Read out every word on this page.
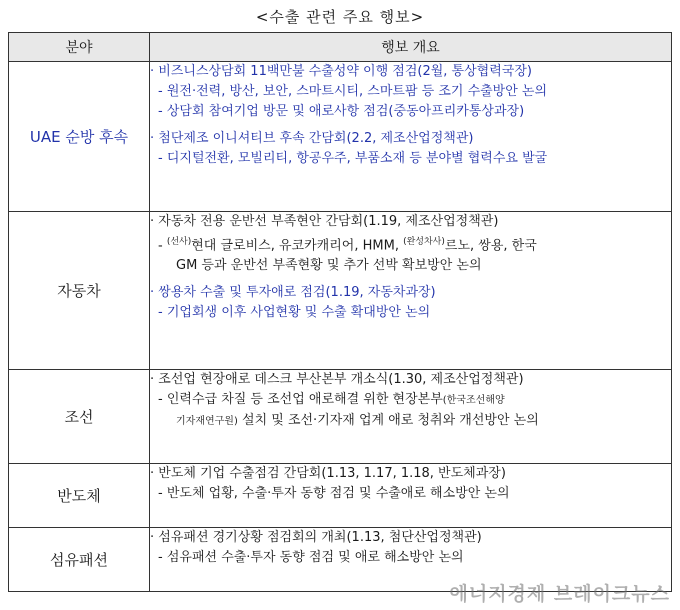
<수출 관련 주요 행보>
분야	행보 개요
UAE 순방 후속	· 비즈니스상담회 11백만불 수출성약 이행 점검(2월, 통상협력국장)
- 원전·전력, 방산, 보안, 스마트시티, 스마트팜 등 조기 수출방안 논의
- 상담회 참여기업 방문 및 애로사항 점검(중동아프리카통상과장)
· 첨단제조 이니셔티브 후속 간담회(2.2, 제조산업정책관)
- 디지털전환, 모빌리티, 항공우주, 부품소재 등 분야별 협력수요 발굴

자동차	· 자동차 전용 운반선 부족현안 간담회(1.19, 제조산업정책관)
- $^{(선사)}$현대 글로비스, 유코카캐리어, HMM, $^{(완성차사)}$르노, 쌍용, 한국
GM 등과 운반선 부족현황 및 추가 선박 확보방안 논의
· 쌍용차 수출 및 투자애로 점검(1.19, 자동차과장)
- 기업회생 이후 사업현황 및 수출 확대방안 논의

조선	· 조선업 현장애로 데스크 부산본부 개소식(1.30, 제조산업정책관)
- 인력수급 차질 등 조선업 애로해결 위한 현장본부(한국조선해양
기자재연구원) 설치 및 조선·기자재 업계 애로 청취와 개선방안 논의

반도체	· 반도체 기업 수출점검 간담회(1.13, 1.17, 1.18, 반도체과장)
- 반도체 업황, 수출·투자 동향 점검 및 수출애로 해소방안 논의

섬유패션	· 섬유패션 경기상황 점검회의 개최(1.13, 첨단산업정책관)
- 섬유패션 수출·투자 동향 점검 및 애로 해소방안 논의
에너지경제 브레이크뉴스
